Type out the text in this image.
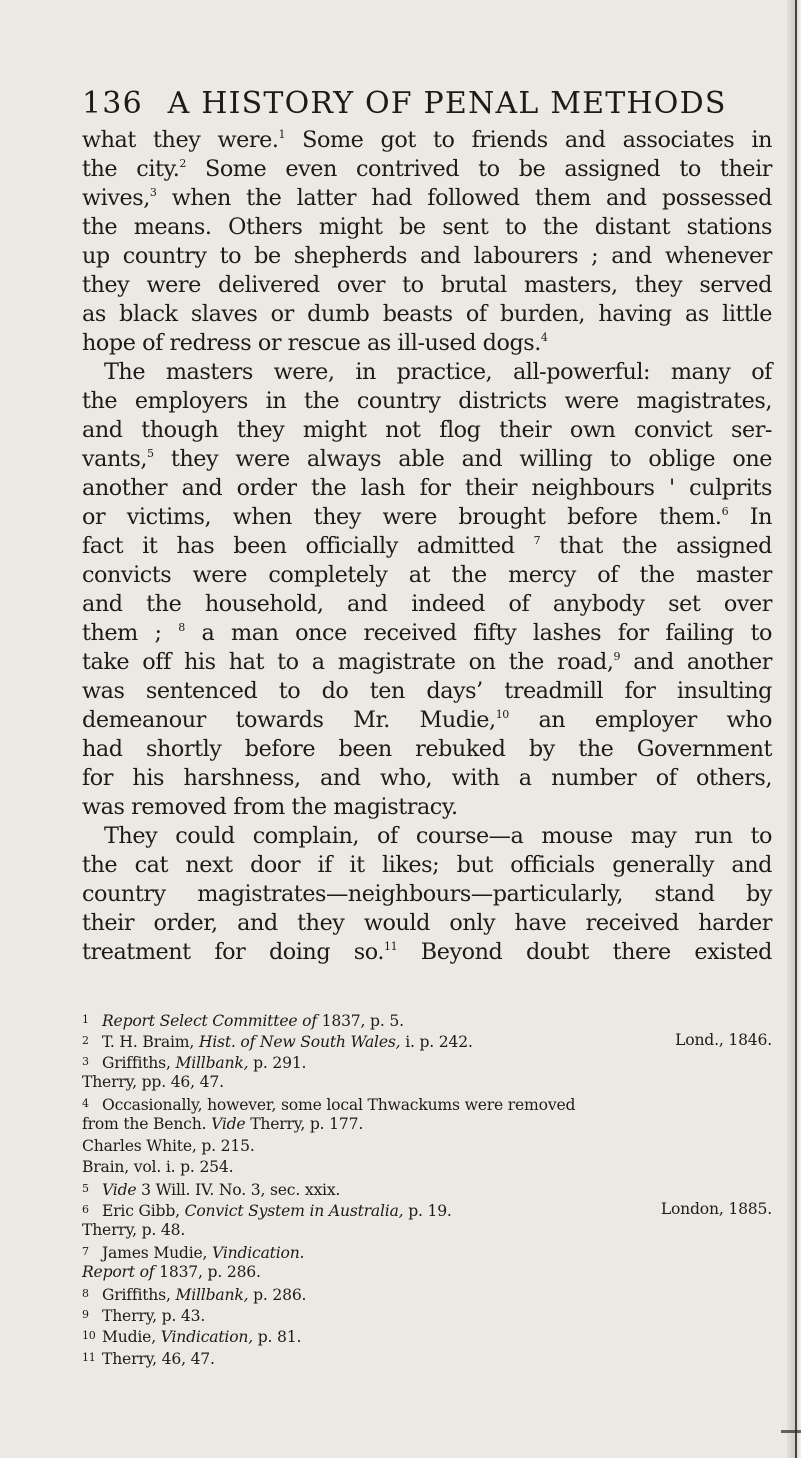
136 A HISTORY OF PENAL METHODS
what they were.$^1$ Some got to friends and associates in
the city.$^2$ Some even contrived to be assigned to their
wives,$^3$ when the latter had followed them and possessed
the means. Others might be sent to the distant stations
up country to be shepherds and labourers ; and whenever
they were delivered over to brutal masters, they served
as black slaves or dumb beasts of burden, having as little
hope of redress or rescue as ill-used dogs.$^4$
The masters were, in practice, all-powerful: many of
the employers in the country districts were magistrates,
and though they might not flog their own convict ser-
vants,$^5$ they were always able and willing to oblige one
another and order the lash for their neighbours ' culprits
or victims, when they were brought before them.$^6$ In
fact it has been officially admitted $^7$ that the assigned
convicts were completely at the mercy of the master
and the household, and indeed of anybody set over
them ; $^8$ a man once received fifty lashes for failing to
take off his hat to a magistrate on the road,$^9$ and another
was sentenced to do ten days’ treadmill for insulting
demeanour towards Mr. Mudie,$^{10}$ an employer who
had shortly before been rebuked by the Government
for his harshness, and who, with a number of others,
was removed from the magistracy.
They could complain, of course—a mouse may run to
the cat next door if it likes; but officials generally and
country magistrates—neighbours—particularly, stand by
their order, and they would only have received harder
treatment for doing so.$^{11}$ Beyond doubt there existed
1 Report Select Committee of 1837, p. 5.
2 T. H. Braim, Hist. of New South Wales, i. p. 242.	Lond., 1846.
3 Griffiths, Millbank, p. 291.
Therry, pp. 46, 47.
4 Occasionally, however, some local Thwackums were removed
from the Bench. Vide Therry, p. 177.
Charles White, p. 215.
Brain, vol. i. p. 254.
5 Vide 3 Will. IV. No. 3, sec. xxix.
6 Eric Gibb, Convict System in Australia, p. 19.	London, 1885.
Therry, p. 48.
7 James Mudie, Vindication.
Report of 1837, p. 286.
8 Griffiths, Millbank, p. 286.
9 Therry, p. 43.
10 Mudie, Vindication, p. 81.
11 Therry, 46, 47.
